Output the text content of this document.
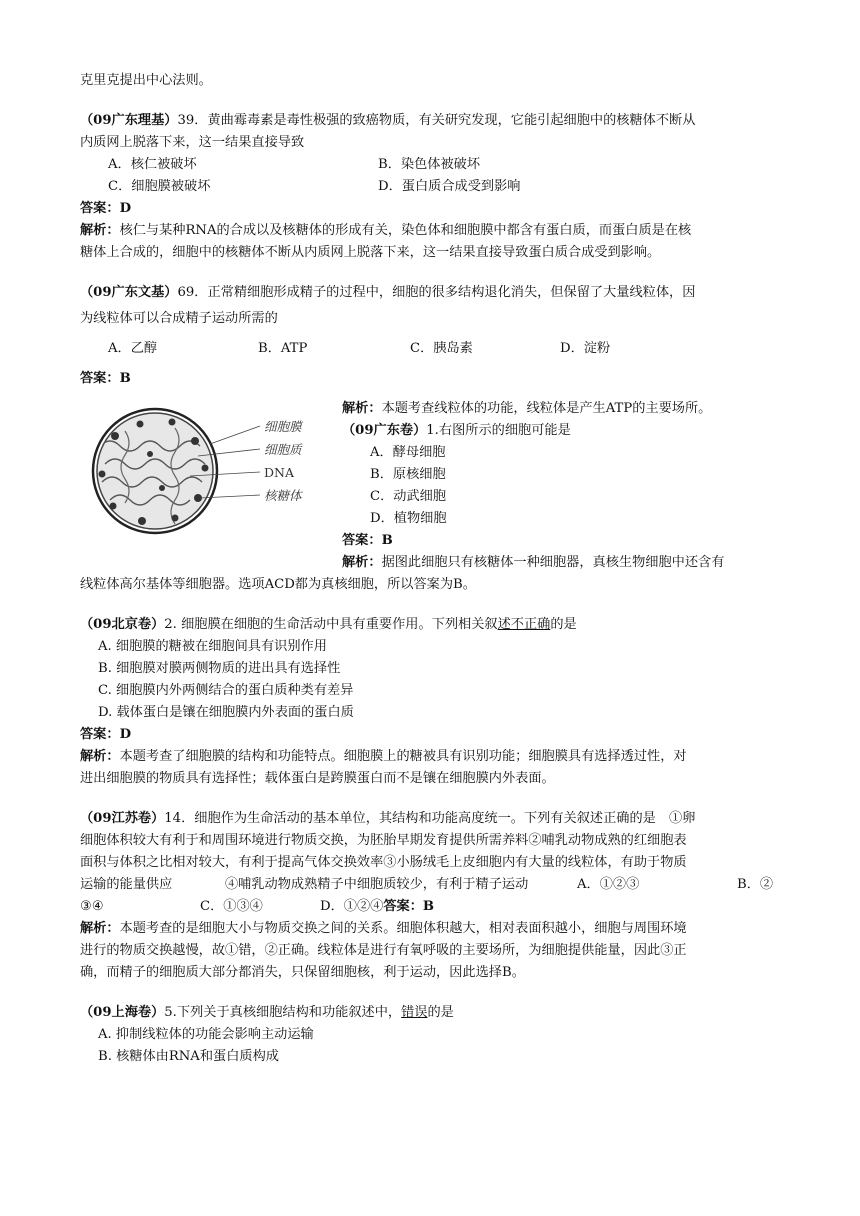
克里克提出中心法则。
（09广东理基）39．黄曲霉毒素是毒性极强的致癌物质，有关研究发现，它能引起细胞中的核糖体不断从
内质网上脱落下来，这一结果直接导致
A．核仁被破坏	B．染色体被破坏
C．细胞膜被破坏	D．蛋白质合成受到影响
答案：D
解析：核仁与某种RNA的合成以及核糖体的形成有关，染色体和细胞膜中都含有蛋白质，而蛋白质是在核
糖体上合成的，细胞中的核糖体不断从内质网上脱落下来，这一结果直接导致蛋白质合成受到影响。
（09广东文基）69．正常精细胞形成精子的过程中，细胞的很多结构退化消失，但保留了大量线粒体，因
为线粒体可以合成精子运动所需的
A．乙醇	B．ATP	C．胰岛素	D．淀粉
答案：B
细胞膜
细胞质
DNA
核糖体
解析：本题考查线粒体的功能，线粒体是产生ATP的主要场所。
（09广东卷）1.右图所示的细胞可能是
A．酵母细胞
B．原核细胞
C．动武细胞
D．植物细胞
答案：B
解析：据图此细胞只有核糖体一种细胞器，真核生物细胞中还含有
线粒体高尔基体等细胞器。选项ACD都为真核细胞，所以答案为B。
（09北京卷）2. 细胞膜在细胞的生命活动中具有重要作用。下列相关叙述不正确的是
A. 细胞膜的糖被在细胞间具有识别作用
B. 细胞膜对膜两侧物质的进出具有选择性
C. 细胞膜内外两侧结合的蛋白质种类有差异
D. 载体蛋白是镶在细胞膜内外表面的蛋白质
答案：D
解析：本题考查了细胞膜的结构和功能特点。细胞膜上的糖被具有识别功能；细胞膜具有选择透过性，对
进出细胞膜的物质具有选择性；载体蛋白是跨膜蛋白而不是镶在细胞膜内外表面。
（09江苏卷）14．细胞作为生命活动的基本单位，其结构和功能高度统一。下列有关叙述正确的是　①卵
细胞体积较大有利于和周围环境进行物质交换，为胚胎早期发育提供所需养料②哺乳动物成熟的红细胞表
面积与体积之比相对较大，有利于提高气体交换效率③小肠绒毛上皮细胞内有大量的线粒体，有助于物质
运输的能量供应	④哺乳动物成熟精子中细胞质较少，有利于精子运动	A．①②③	B．②
③④	C．①③④	D．①②④答案：B
解析：本题考查的是细胞大小与物质交换之间的关系。细胞体积越大，相对表面积越小，细胞与周围环境
进行的物质交换越慢，故①错，②正确。线粒体是进行有氧呼吸的主要场所，为细胞提供能量，因此③正
确，而精子的细胞质大部分都消失，只保留细胞核，利于运动，因此选择B。
（09上海卷）5.下列关于真核细胞结构和功能叙述中，错误的是
A. 抑制线粒体的功能会影响主动运输
B. 核糖体由RNA和蛋白质构成
